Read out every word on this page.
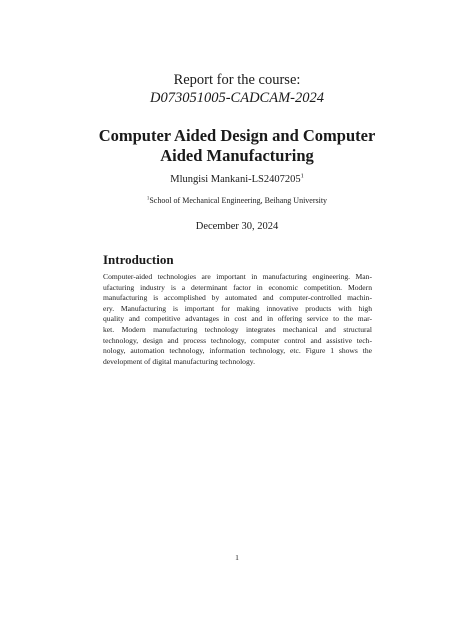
Report for the course:
D073051005-CADCAM-2024
Computer Aided Design and Computer
Aided Manufacturing
Mlungisi Mankani-LS2407205$^1$
$^1$School of Mechanical Engineering, Beihang University
December 30, 2024
Introduction
Computer-aided technologies are important in manufacturing engineering. Man-
ufacturing industry is a determinant factor in economic competition. Modern
manufacturing is accomplished by automated and computer-controlled machin-
ery. Manufacturing is important for making innovative products with high
quality and competitive advantages in cost and in offering service to the mar-
ket. Modern manufacturing technology integrates mechanical and structural
technology, design and process technology, computer control and assistive tech-
nology, automation technology, information technology, etc. Figure 1 shows the
development of digital manufacturing technology.
1
